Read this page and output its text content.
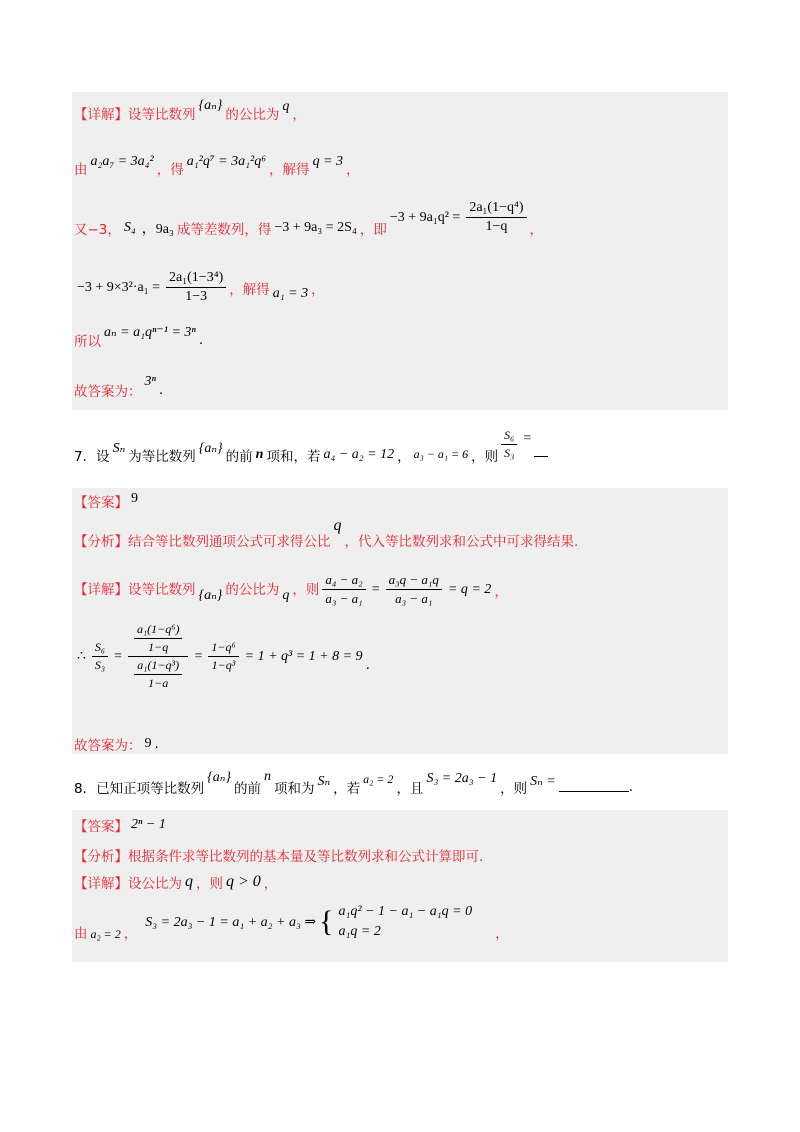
【详解】 设等比数列
{aₙ}
的公比为
q
，
由
a₂a₇ = 3a₄²
，得
a₁²q⁷ = 3a₁²q⁶
，解得
q = 3
，
又−3， S₄ ，9a₃ 成等差数列，得 −3 + 9a₃ = 2S₄ ，即
$-3 + 9a_1q^2 = \frac{\text{2a₁(1−q⁴)}}{1-q}$ ，
$-3 + 9\times 3^2\cdot a_1 = \frac{\text{2a₁(1−3⁴)}}{1-3}$ ，解得 a₁ = 3 ，
所以
aₙ = a₁qⁿ⁻¹ = 3ⁿ .
故答案为：
3ⁿ
.
7．设 Sₙ 为等比数列 {aₙ} 的前 n 项和，若 a₄ − a₂ = 12 ， a₃ − a₁ = 6 ，则 $\frac{\text{S₆}}{\text{S₃}}$ =
【答案】 9
【分析】 结合等比数列通项公式可求得公比
q
，代入等比数列求和公式中可求得结果.
【详解】 设等比数列 {aₙ} 的公比为 q ，则 $\frac{\text{a₄ − a₂}}{\text{a₃ − a₁}} = \frac{\text{a₃q − a₁q}}{\text{a₃ − a₁}} = q = 2$ ，
∴ $\frac{\text{S₆}}{\text{S₃}} = \frac{\frac{\text{a₁(1−q⁶)}}{1-q}}{\frac{\text{a₁(1−q³)}}{1-a}} = \frac{\text{1−q⁶}}{\text{1−q³}} = 1 + q^3 = 1 + 8 = 9$
.
故答案为： 9 .
8．已知正项等比数列
{aₙ}
的前
n
项和为 Sₙ ，若
a₂ = 2
，且
S₃ = 2a₃ − 1
，则 Sₙ =	.
【答案】 2ⁿ − 1
【分析】 根据条件求等比数列的基本量及等比数列求和公式计算即可.
【详解】 设公比为 q ，则 q > 0 ，
由 a₂ = 2 ，
S₃ = 2a₃ − 1 = a₁ + a₂ + a₃ ⇒ { a₁q² − 1 − a₁ − a₁q = 0
a₁q = 2	，
